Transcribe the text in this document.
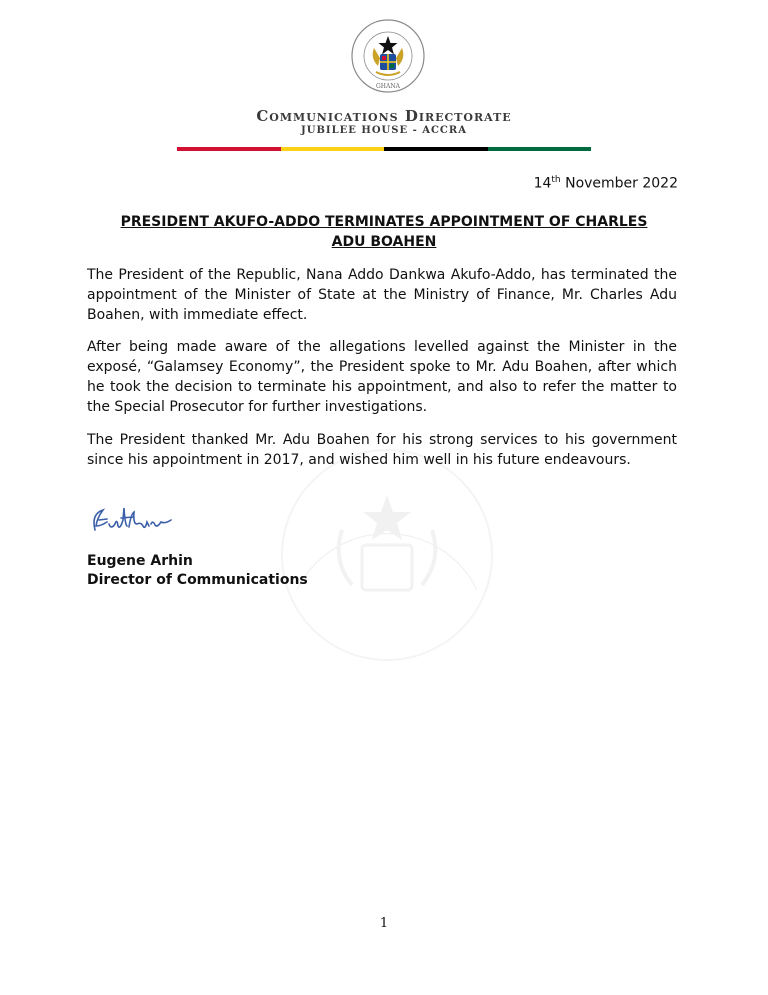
GHANA
Communications Directorate
JUBILEE HOUSE - ACCRA
14th November 2022
PRESIDENT AKUFO-ADDO TERMINATES APPOINTMENT OF CHARLES ADU BOAHEN

The President of the Republic, Nana Addo Dankwa Akufo-Addo, has terminated the appointment of the Minister of State at the Ministry of Finance, Mr. Charles Adu Boahen, with immediate effect.

After being made aware of the allegations levelled against the Minister in the exposé, “Galamsey Economy”, the President spoke to Mr. Adu Boahen, after which he took the decision to terminate his appointment, and also to refer the matter to the Special Prosecutor for further investigations.

The President thanked Mr. Adu Boahen for his strong services to his government since his appointment in 2017, and wished him well in his future endeavours.

Eugene Arhin
Director of Communications
1
